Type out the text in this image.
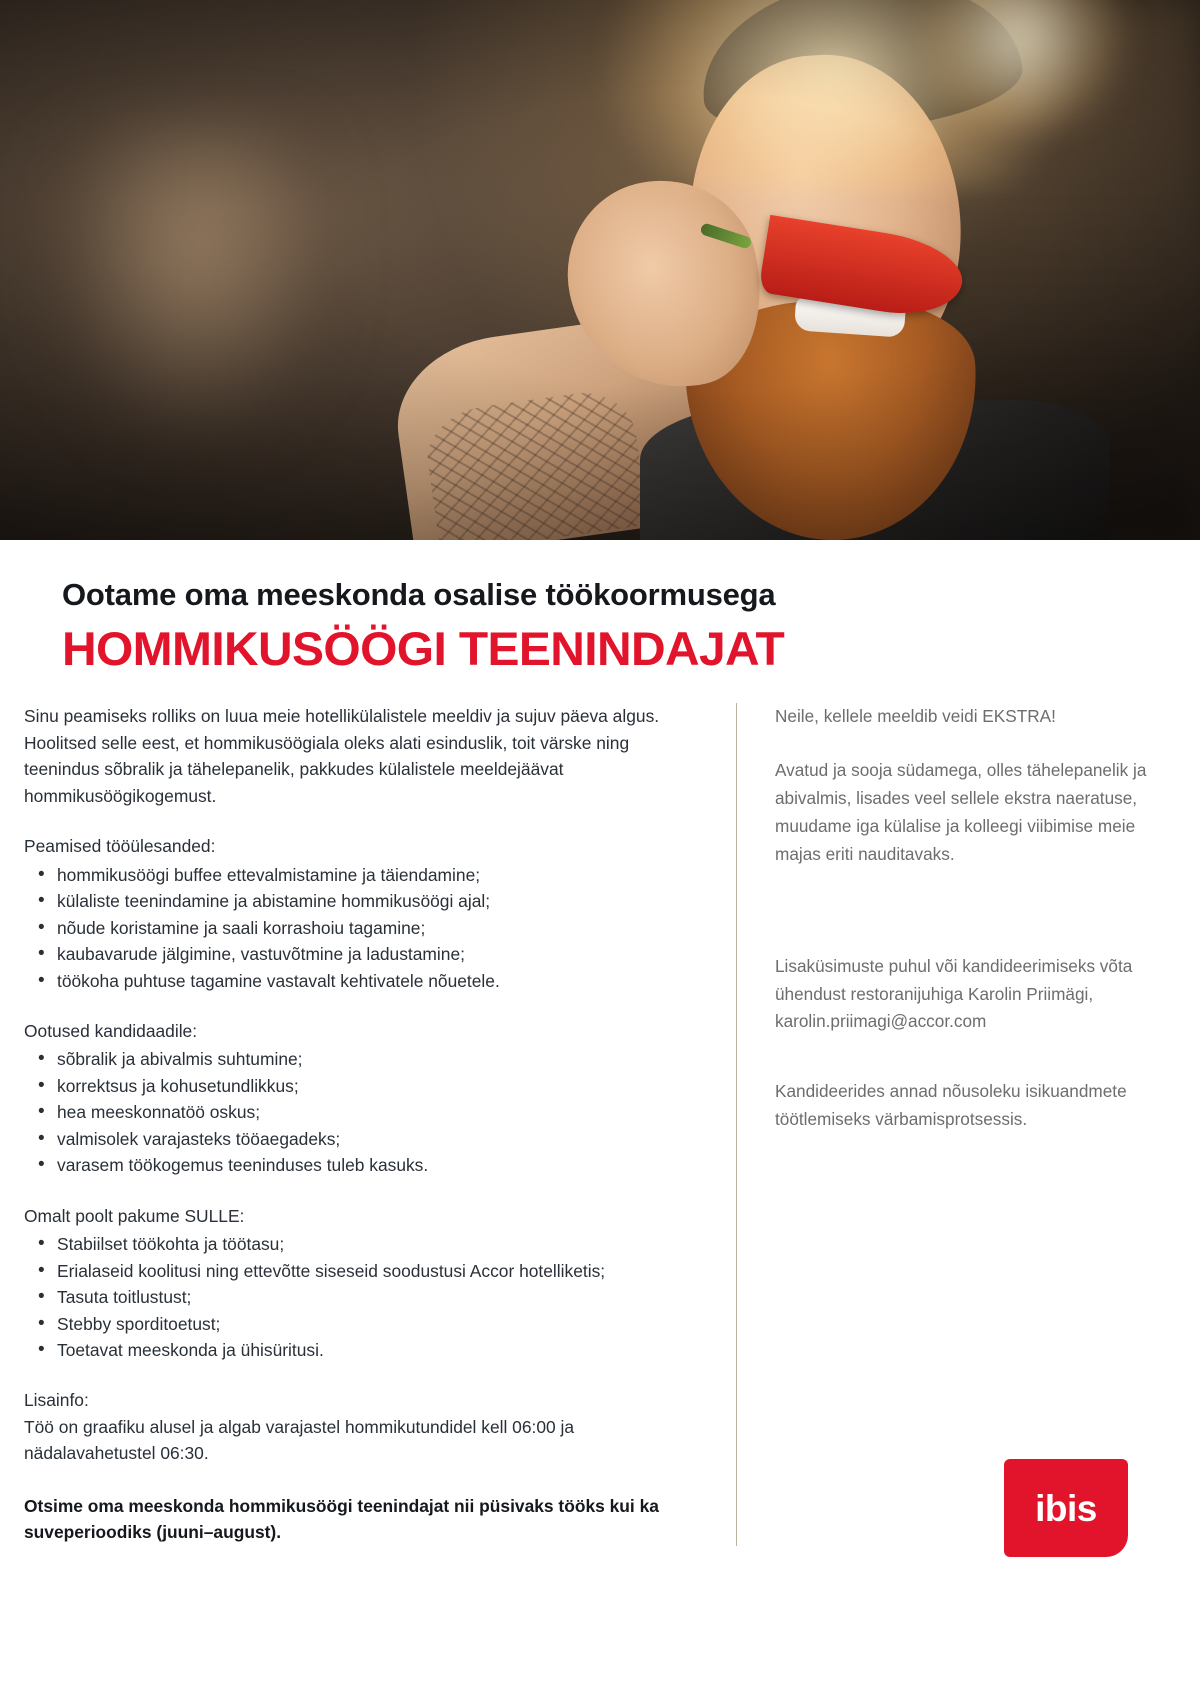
Ootame oma meeskonda osalise töökoormusega
HOMMIKUSÖÖGI TEENINDAJAT

Sinu peamiseks rolliks on luua meie hotellikülalistele meeldiv ja sujuv päeva algus. Hoolitsed selle eest, et hommikusöögiala oleks alati esinduslik, toit värske ning teenindus sõbralik ja tähelepanelik, pakkudes külalistele meeldejäävat hommikusöögikogemust.

Peamised tööülesanded:

• hommikusöögi buffee ettevalmistamine ja täiendamine;
• külaliste teenindamine ja abistamine hommikusöögi ajal;
• nõude koristamine ja saali korrashoiu tagamine;
• kaubavarude jälgimine, vastuvõtmine ja ladustamine;
• töökoha puhtuse tagamine vastavalt kehtivatele nõuetele.

Ootused kandidaadile:

• sõbralik ja abivalmis suhtumine;
• korrektsus ja kohusetundlikkus;
• hea meeskonnatöö oskus;
• valmisolek varajasteks tööaegadeks;
• varasem töökogemus teeninduses tuleb kasuks.

Omalt poolt pakume SULLE:

• Stabiilset töökohta ja töötasu;
• Erialaseid koolitusi ning ettevõtte siseseid soodustusi Accor hotelliketis;
• Tasuta toitlustust;
• Stebby sporditoetust;
• Toetavat meeskonda ja ühisüritusi.

Lisainfo:

Töö on graafiku alusel ja algab varajastel hommikutundidel kell 06:00 ja nädalavahetustel 06:30.

Otsime oma meeskonda hommikusöögi teenindajat nii püsivaks tööks kui ka suveperioodiks (juuni–august).

Neile, kellele meeldib veidi EKSTRA!

Avatud ja sooja südamega, olles tähelepanelik ja abivalmis, lisades veel sellele ekstra naeratuse, muudame iga külalise ja kolleegi viibimise meie majas eriti nauditavaks.

Lisaküsimuste puhul või kandideerimiseks võta ühendust restoranijuhiga Karolin Priimägi, karolin.priimagi@accor.com

Kandideerides annad nõusoleku isikuandmete töötlemiseks värbamisprotsessis.

ibis
